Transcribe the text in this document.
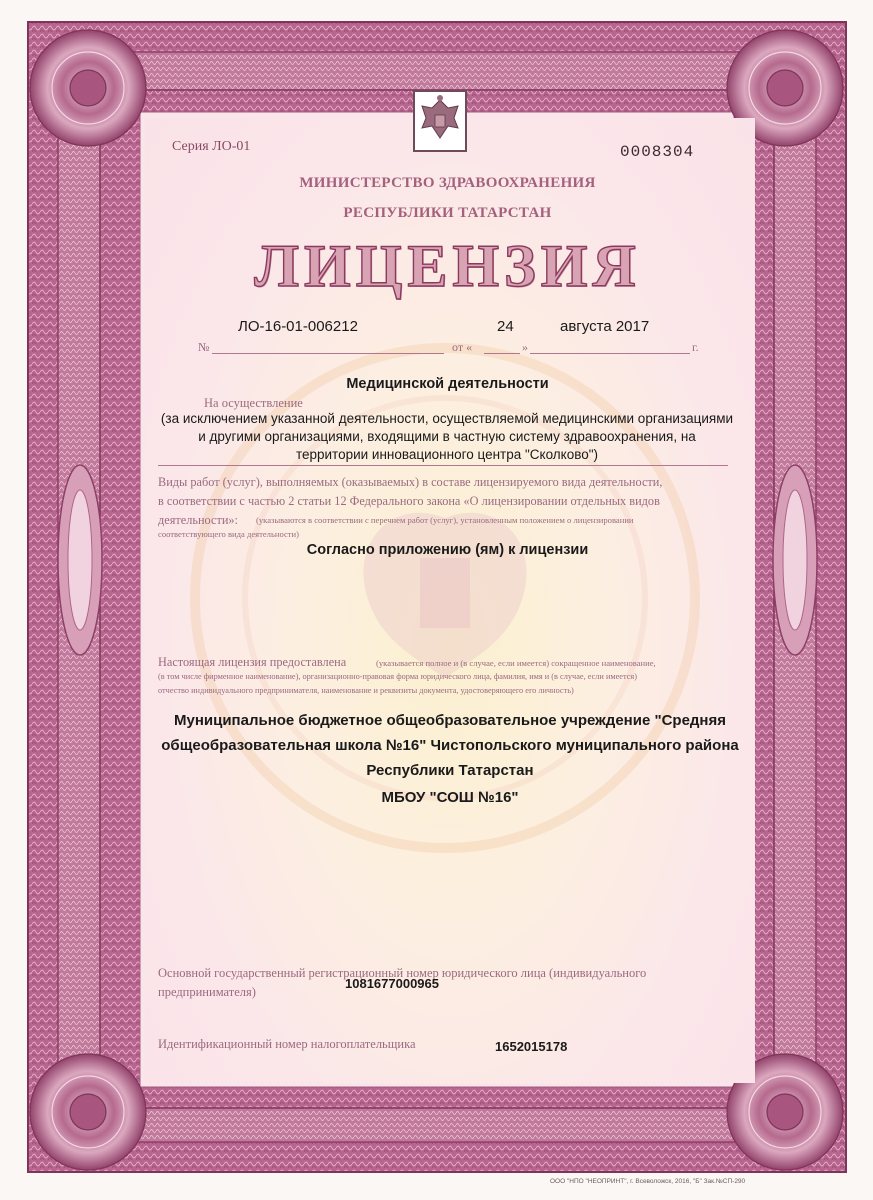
Серия ЛО-01	0008304
МИНИСТЕРСТВО ЗДРАВООХРАНЕНИЯ
РЕСПУБЛИКИ ТАТАРСТАН
ЛИЦЕНЗИЯ
ЛО-16-01-006212	24	августа 2017
№	от «	»	г.
Медицинской деятельности
На осуществление
(за исключением указанной деятельности, осуществляемой медицинскими организациями
и другими организациями, входящими в частную систему здравоохранения, на
территории инновационного центра "Сколково")
Виды работ (услуг), выполняемых (оказываемых) в составе лицензируемого вида деятельности,
в соответствии с частью 2 статьи 12 Федерального закона «О лицензировании отдельных видов
деятельности»: (указываются в соответствии с перечнем работ (услуг), установленным положением о лицензировании
соответствующего вида деятельности)
Согласно приложению (ям) к лицензии
Настоящая лицензия предоставлена	(указывается полное и (в случае, если имеется) сокращенное наименование,
(в том числе фирменное наименование), организационно-правовая форма юридического лица, фамилия, имя и (в случае, если имеется)
отчество индивидуального предпринимателя, наименование и реквизиты документа, удостоверяющего его личность)
Муниципальное бюджетное общеобразовательное учреждение "Средняя
общеобразовательная школа №16" Чистопольского муниципального района
Республики Татарстан
МБОУ "СОШ №16"
Основной государственный регистрационный номер юридического лица (индивидуального
предпринимателя)
1081677000965
Идентификационный номер налогоплательщика	1652015178
ООО "НПО "НЕОПРИНТ", г. Всеволожск, 2016, "Б" Зак.№СП-290
